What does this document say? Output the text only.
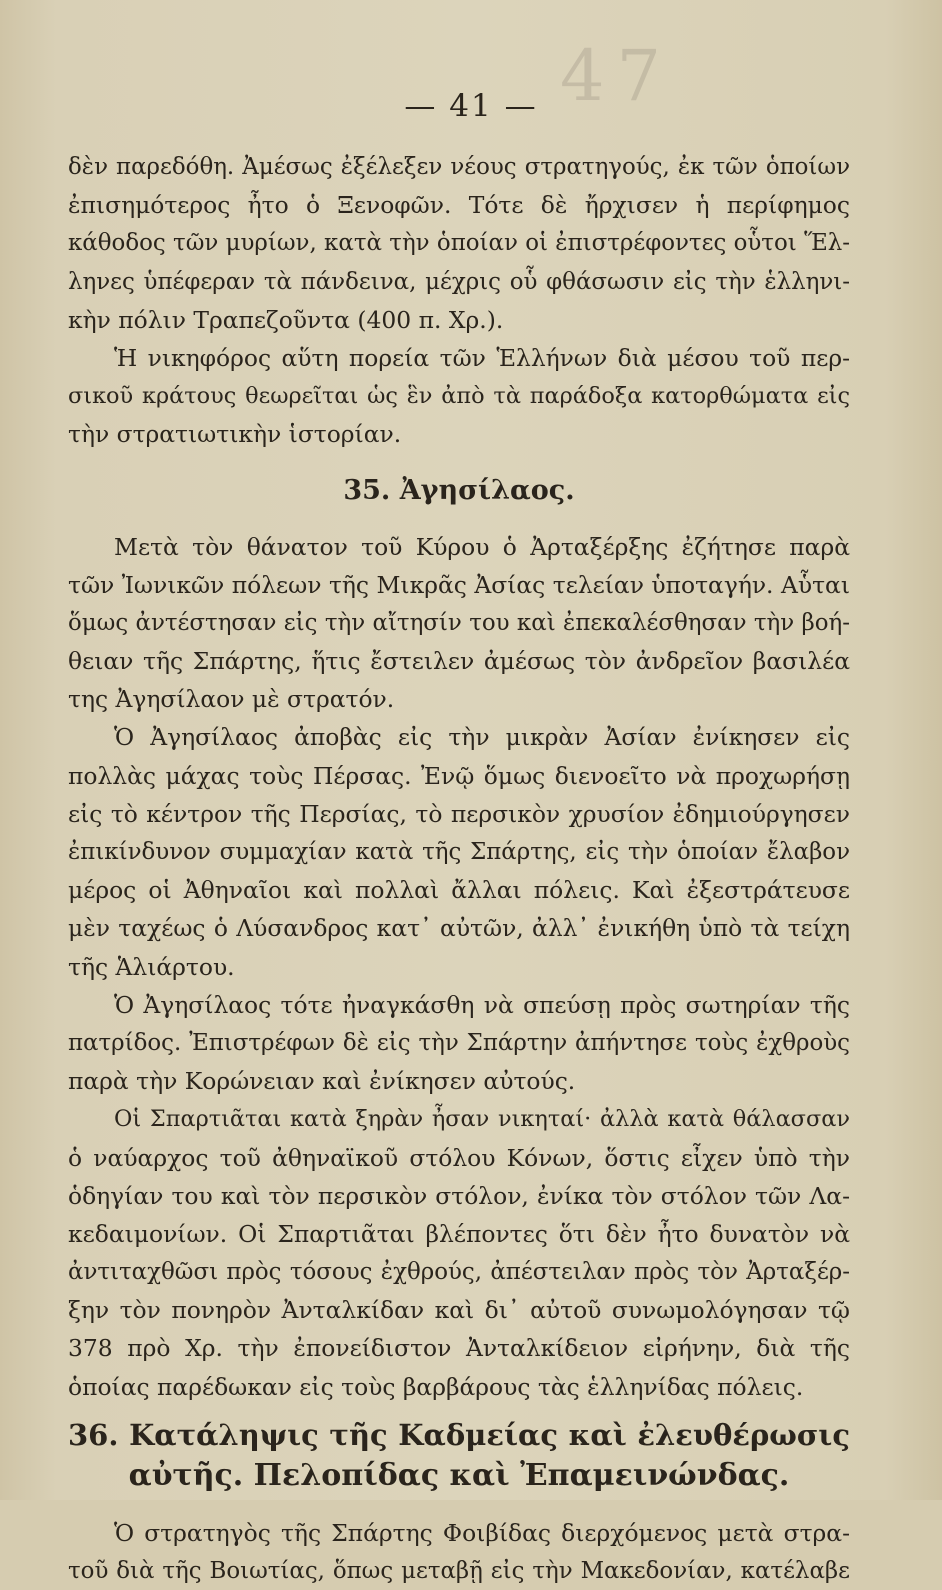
47
— 41 —
δὲν παρεδόθη. Ἀμέσως ἐξέλεξεν νέους στρατηγούς, ἐκ τῶν ὁποίων
ἐπισημότερος ἦτο ὁ Ξενοφῶν. Τότε δὲ ἤρχισεν ἡ περίφημος
κάθοδος τῶν μυρίων, κατὰ τὴν ὁποίαν οἱ ἐπιστρέφοντες οὗτοι Ἕλ-
ληνες ὑπέφεραν τὰ πάνδεινα, μέχρις οὗ φθάσωσιν εἰς τὴν ἑλληνι-
κὴν πόλιν Τραπεζοῦντα (400 π. Χρ.).
Ἡ νικηφόρος αὕτη πορεία τῶν Ἑλλήνων διὰ μέσου τοῦ περ-
σικοῦ κράτους θεωρεῖται ὡς ἓν ἀπὸ τὰ παράδοξα κατορθώματα εἰς
τὴν στρατιωτικὴν ἱστορίαν.
35. Ἀγησίλαος.
Μετὰ τὸν θάνατον τοῦ Κύρου ὁ Ἀρταξέρξης ἐζήτησε παρὰ
τῶν Ἰωνικῶν πόλεων τῆς Μικρᾶς Ἀσίας τελείαν ὑποταγήν. Αὗται
ὅμως ἀντέστησαν εἰς τὴν αἴτησίν του καὶ ἐπεκαλέσθησαν τὴν βοή-
θειαν τῆς Σπάρτης, ἥτις ἔστειλεν ἀμέσως τὸν ἀνδρεῖον βασιλέα
της Ἀγησίλαον μὲ στρατόν.
Ὁ Ἀγησίλαος ἀποβὰς εἰς τὴν μικρὰν Ἀσίαν ἐνίκησεν εἰς
πολλὰς μάχας τοὺς Πέρσας. Ἐνῷ ὅμως διενοεῖτο νὰ προχωρήσῃ
εἰς τὸ κέντρον τῆς Περσίας, τὸ περσικὸν χρυσίον ἐδημιούργησεν
ἐπικίνδυνον συμμαχίαν κατὰ τῆς Σπάρτης, εἰς τὴν ὁποίαν ἔλαβον
μέρος οἱ Ἀθηναῖοι καὶ πολλαὶ ἄλλαι πόλεις. Καὶ ἐξεστράτευσε
μὲν ταχέως ὁ Λύσανδρος κατ᾽ αὐτῶν, ἀλλ᾽ ἐνικήθη ὑπὸ τὰ τείχη
τῆς Ἁλιάρτου.
Ὁ Ἀγησίλαος τότε ἠναγκάσθη νὰ σπεύσῃ πρὸς σωτηρίαν τῆς
πατρίδος. Ἐπιστρέφων δὲ εἰς τὴν Σπάρτην ἀπήντησε τοὺς ἐχθροὺς
παρὰ τὴν Κορώνειαν καὶ ἐνίκησεν αὐτούς.
Οἱ Σπαρτιᾶται κατὰ ξηρὰν ἦσαν νικηταί· ἀλλὰ κατὰ θάλασσαν
ὁ ναύαρχος τοῦ ἀθηναϊκοῦ στόλου Κόνων, ὅστις εἶχεν ὑπὸ τὴν
ὁδηγίαν του καὶ τὸν περσικὸν στόλον, ἐνίκα τὸν στόλον τῶν Λα-
κεδαιμονίων. Οἱ Σπαρτιᾶται βλέποντες ὅτι δὲν ἦτο δυνατὸν νὰ
ἀντιταχθῶσι πρὸς τόσους ἐχθρούς, ἀπέστειλαν πρὸς τὸν Ἀρταξέρ-
ξην τὸν πονηρὸν Ἀνταλκίδαν καὶ δι᾽ αὐτοῦ συνωμολόγησαν τῷ
378 πρὸ Χρ. τὴν ἐπονείδιστον Ἀνταλκίδειον εἰρήνην, διὰ τῆς
ὁποίας παρέδωκαν εἰς τοὺς βαρβάρους τὰς ἑλληνίδας πόλεις.
36. Κατάληψις τῆς Καδμείας καὶ ἐλευθέρωσις
αὐτῆς. Πελοπίδας καὶ Ἐπαμεινώνδας.
Ὁ στρατηγὸς τῆς Σπάρτης Φοιβίδας διερχόμενος μετὰ στρα-
τοῦ διὰ τῆς Βοιωτίας, ὅπως μεταβῇ εἰς τὴν Μακεδονίαν, κατέλαβε
